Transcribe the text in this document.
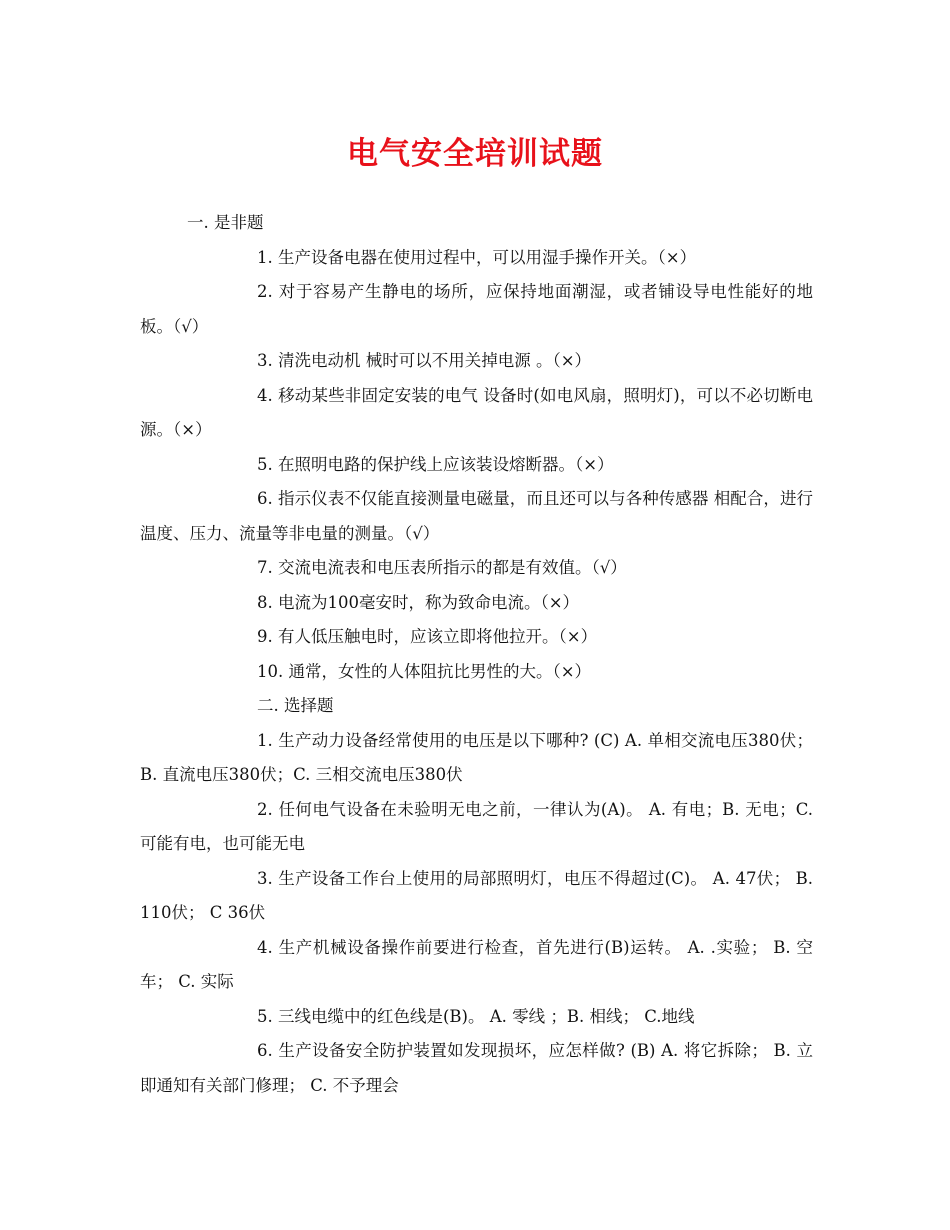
电气安全培训试题

一. 是非题

1. 生产设备电器在使用过程中，可以用湿手操作开关。（×）

2. 对于容易产生静电的场所，应保持地面潮湿，或者铺设导电性能好的地板。（√）

3. 清洗电动机 械时可以不用关掉电源 。（×）

4. 移动某些非固定安装的电气 设备时(如电风扇，照明灯)，可以不必切断电源。（×）

5. 在照明电路的保护线上应该装设熔断器。（×）

6. 指示仪表不仅能直接测量电磁量，而且还可以与各种传感器 相配合，进行温度、压力、流量等非电量的测量。（√）

7. 交流电流表和电压表所指示的都是有效值。（√）

8. 电流为100毫安时，称为致命电流。（×）

9. 有人低压触电时，应该立即将他拉开。（×）

10. 通常，女性的人体阻抗比男性的大。（×）

二. 选择题

1. 生产动力设备经常使用的电压是以下哪种? (C) A. 单相交流电压380伏；B. 直流电压380伏；C. 三相交流电压380伏

2. 任何电气设备在未验明无电之前，一律认为(A)。 A. 有电；B. 无电；C. 可能有电，也可能无电

3. 生产设备工作台上使用的局部照明灯，电压不得超过(C)。 A. 47伏； B. 110伏； C 36伏

4. 生产机械设备操作前要进行检查，首先进行(B)运转。 A. .实验； B. 空车； C. 实际

5. 三线电缆中的红色线是(B)。 A. 零线 ；B. 相线； C.地线

6. 生产设备安全防护装置如发现损坏，应怎样做? (B) A. 将它拆除； B. 立即通知有关部门修理； C. 不予理会
